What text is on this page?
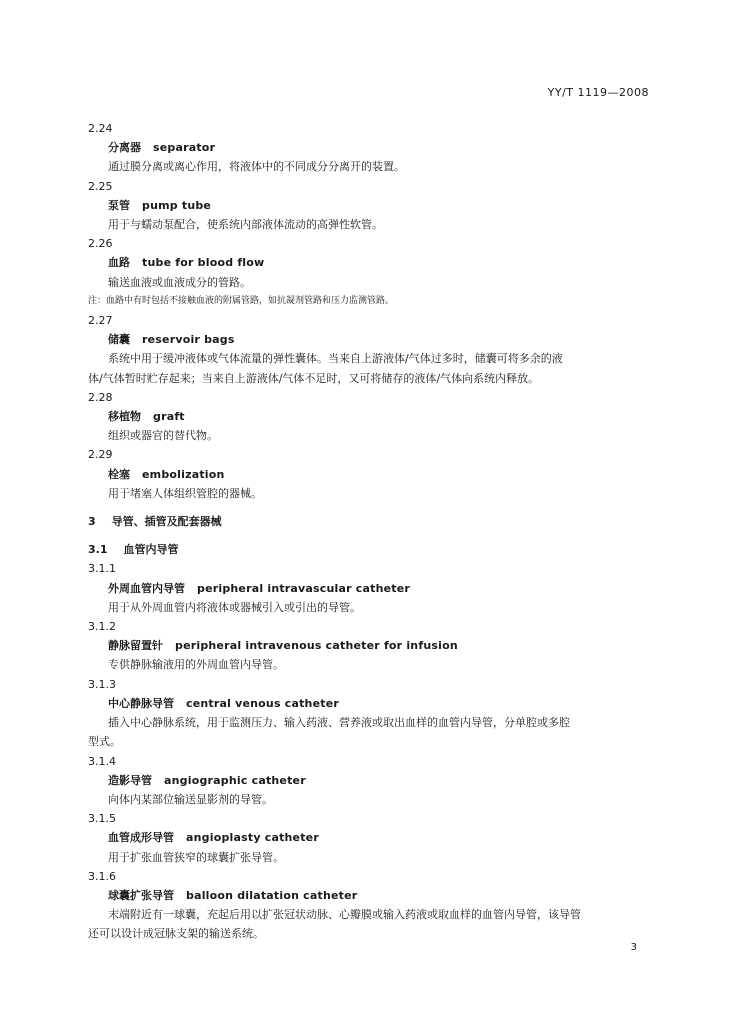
YY/T 1119—2008
2.24
分离器 separator
通过膜分离或离心作用，将液体中的不同成分分离开的装置。
2.25
泵管 pump tube
用于与蠕动泵配合，使系统内部液体流动的高弹性软管。
2.26
血路 tube for blood flow
输送血液或血液成分的管路。
注：血路中有时包括不接触血液的附属管路，如抗凝剂管路和压力监测管路。
2.27
储囊 reservoir bags
系统中用于缓冲液体或气体流量的弹性囊体。当来自上游液体/气体过多时，储囊可将多余的液
体/气体暂时贮存起来；当来自上游液体/气体不足时，又可将储存的液体/气体向系统内释放。
2.28
移植物 graft
组织或器官的替代物。
2.29
栓塞 embolization
用于堵塞人体组织管腔的器械。
3 导管、插管及配套器械
3.1 血管内导管
3.1.1
外周血管内导管 peripheral intravascular catheter
用于从外周血管内将液体或器械引入或引出的导管。
3.1.2
静脉留置针 peripheral intravenous catheter for infusion
专供静脉输液用的外周血管内导管。
3.1.3
中心静脉导管 central venous catheter
插入中心静脉系统，用于监测压力、输入药液、营养液或取出血样的血管内导管，分单腔或多腔
型式。
3.1.4
造影导管 angiographic catheter
向体内某部位输送显影剂的导管。
3.1.5
血管成形导管 angioplasty catheter
用于扩张血管狭窄的球囊扩张导管。
3.1.6
球囊扩张导管 balloon dilatation catheter
末端附近有一球囊，充起后用以扩张冠状动脉、心瓣膜或输入药液或取血样的血管内导管，该导管
还可以设计成冠脉支架的输送系统。
3
